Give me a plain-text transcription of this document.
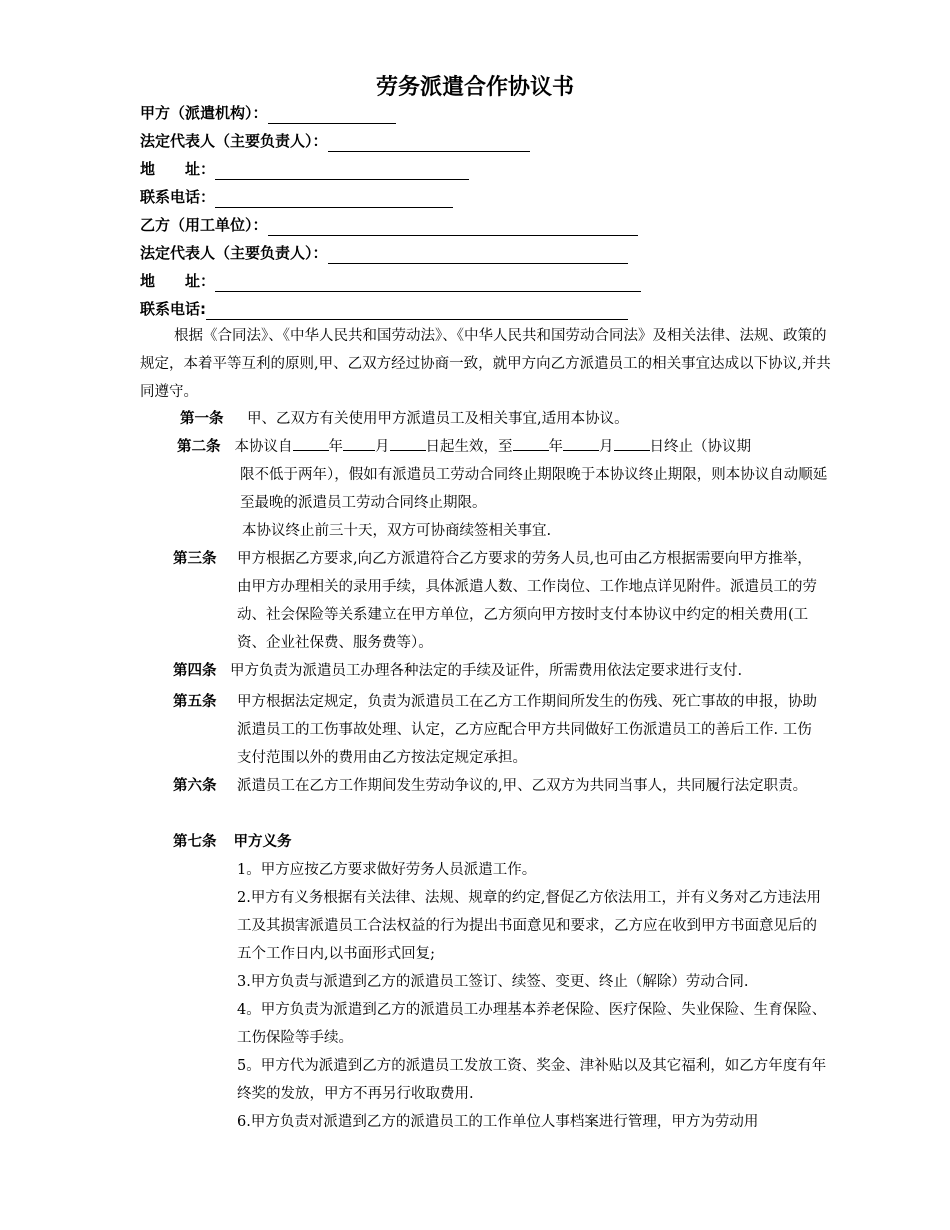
劳务派遣合作协议书
甲方（派遣机构）：
法定代表人（主要负责人）：
地　　址：
联系电话：
乙方（用工单位）：
法定代表人（主要负责人）：
地　　址：
联系电话:
根据《合同法》、《中华人民共和国劳动法》、《中华人民共和国劳动合同法》及相关法律、法规、政策的规定，本着平等互利的原则,甲、乙双方经过协商一致，就甲方向乙方派遣员工的相关事宜达成以下协议,并共同遵守。
第一条 甲、乙双方有关使用甲方派遣员工及相关事宜,适用本协议。
第二条 本协议自 年 月 日起生效，至 年 月 日终止（协议期
限不低于两年），假如有派遣员工劳动合同终止期限晚于本协议终止期限，则本协议自动顺延至最晚的派遣员工劳动合同终止期限。
本协议终止前三十天，双方可协商续签相关事宜.
第三条 甲方根据乙方要求,向乙方派遣符合乙方要求的劳务人员,也可由乙方根据需要向甲方推举，由甲方办理相关的录用手续，具体派遣人数、工作岗位、工作地点详见附件。派遣员工的劳动、社会保险等关系建立在甲方单位，乙方须向甲方按时支付本协议中约定的相关费用(工资、企业社保费、服务费等）。
第四条 甲方负责为派遣员工办理各种法定的手续及证件，所需费用依法定要求进行支付.
第五条 甲方根据法定规定，负责为派遣员工在乙方工作期间所发生的伤残、死亡事故的申报，协助派遣员工的工伤事故处理、认定，乙方应配合甲方共同做好工伤派遣员工的善后工作. 工伤支付范围以外的费用由乙方按法定规定承担。
第六条 派遣员工在乙方工作期间发生劳动争议的,甲、乙双方为共同当事人，共同履行法定职责。
第七条 甲方义务
1。甲方应按乙方要求做好劳务人员派遣工作。
2.甲方有义务根据有关法律、法规、规章的约定,督促乙方依法用工，并有义务对乙方违法用工及其损害派遣员工合法权益的行为提出书面意见和要求，乙方应在收到甲方书面意见后的五个工作日内,以书面形式回复;
3.甲方负责与派遣到乙方的派遣员工签订、续签、变更、终止（解除）劳动合同.
4。甲方负责为派遣到乙方的派遣员工办理基本养老保险、医疗保险、失业保险、生育保险、工伤保险等手续。
5。甲方代为派遣到乙方的派遣员工发放工资、奖金、津补贴以及其它福利，如乙方年度有年终奖的发放，甲方不再另行收取费用.
6.甲方负责对派遣到乙方的派遣员工的工作单位人事档案进行管理，甲方为劳动用
